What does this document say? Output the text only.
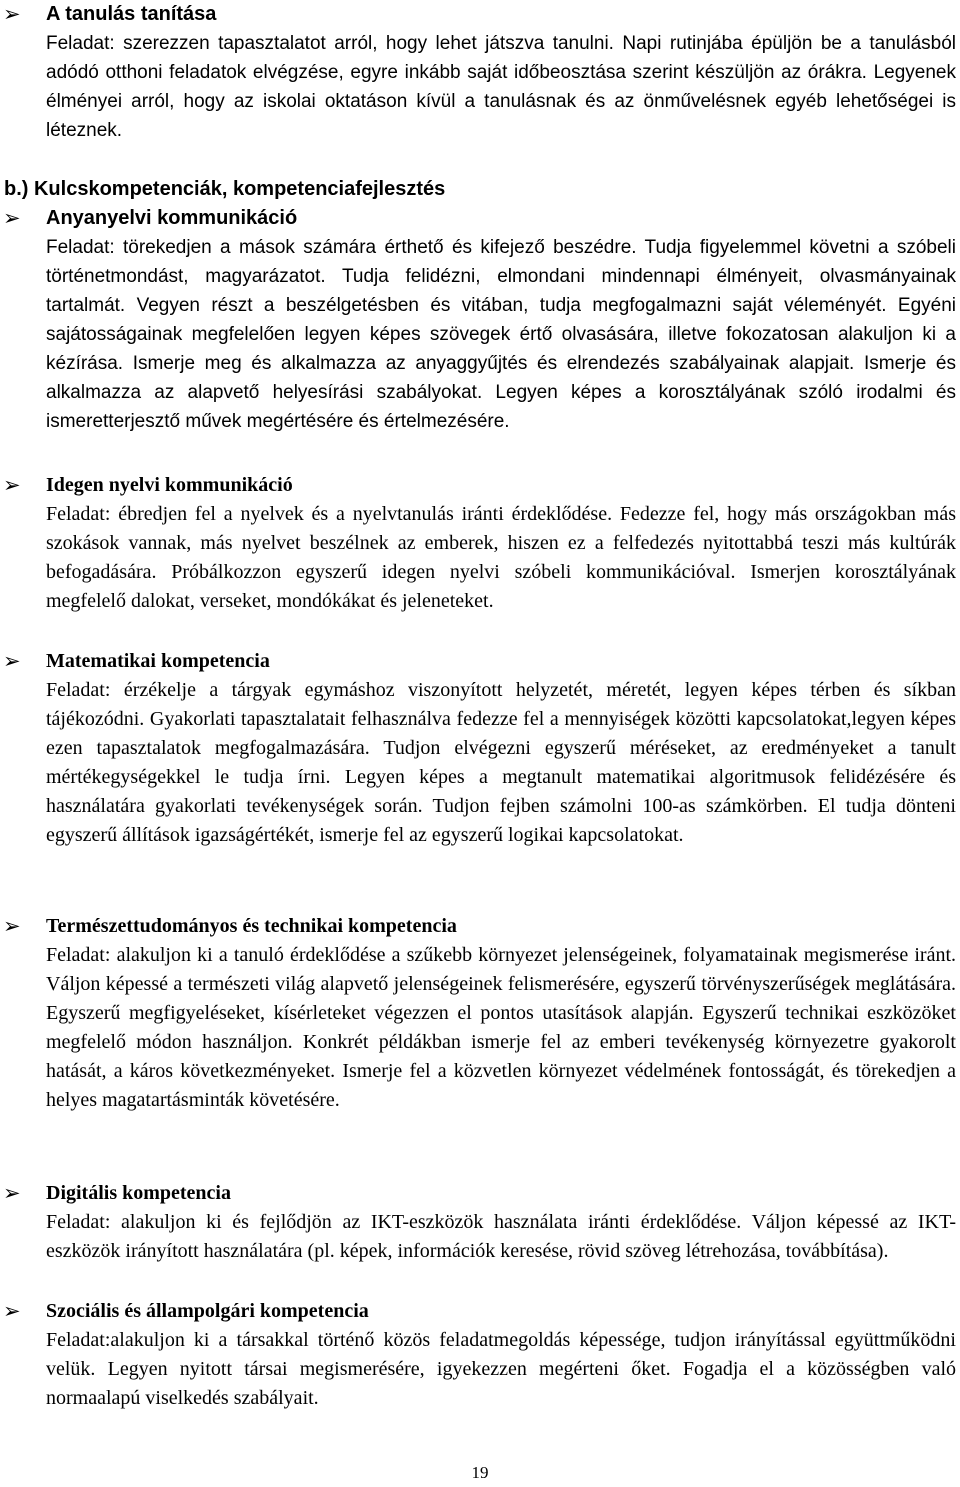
➢ A tanulás tanítása

Feladat: szerezzen tapasztalatot arról, hogy lehet játszva tanulni. Napi rutinjába épüljön be a tanulásból adódó otthoni feladatok elvégzése, egyre inkább saját időbeosztása szerint készüljön az órákra. Legyenek élményei arról, hogy az iskolai oktatáson kívül a tanulásnak és az önművelésnek egyéb lehetőségei is léteznek.

b.) Kulcskompetenciák, kompetenciafejlesztés
➢ Anyanyelvi kommunikáció

Feladat: törekedjen a mások számára érthető és kifejező beszédre. Tudja figyelemmel követni a szóbeli történetmondást, magyarázatot. Tudja felidézni, elmondani mindennapi élményeit, olvasmányainak tartalmát. Vegyen részt a beszélgetésben és vitában, tudja megfogalmazni saját véleményét. Egyéni sajátosságainak megfelelően legyen képes szövegek értő olvasására, illetve fokozatosan alakuljon ki a kézírása. Ismerje meg és alkalmazza az anyaggyűjtés és elrendezés szabályainak alapjait. Ismerje és alkalmazza az alapvető helyesírási szabályokat. Legyen képes a korosztályának szóló irodalmi és ismeretterjesztő művek megértésére és értelmezésére.

➢ Idegen nyelvi kommunikáció

Feladat: ébredjen fel a nyelvek és a nyelvtanulás iránti érdeklődése. Fedezze fel, hogy más országokban más szokások vannak, más nyelvet beszélnek az emberek, hiszen ez a felfedezés nyitottabbá teszi más kultúrák befogadására. Próbálkozzon egyszerű idegen nyelvi szóbeli kommunikációval. Ismerjen korosztályának megfelelő dalokat, verseket, mondókákat és jeleneteket.

➢ Matematikai kompetencia

Feladat: érzékelje a tárgyak egymáshoz viszonyított helyzetét, méretét, legyen képes térben és síkban tájékozódni. Gyakorlati tapasztalatait felhasználva fedezze fel a mennyiségek közötti kapcsolatokat,legyen képes ezen tapasztalatok megfogalmazására. Tudjon elvégezni egyszerű méréseket, az eredményeket a tanult mértékegységekkel le tudja írni. Legyen képes a megtanult matematikai algoritmusok felidézésére és használatára gyakorlati tevékenységek során. Tudjon fejben számolni 100-as számkörben. El tudja dönteni egyszerű állítások igazságértékét, ismerje fel az egyszerű logikai kapcsolatokat.

➢ Természettudományos és technikai kompetencia

Feladat: alakuljon ki a tanuló érdeklődése a szűkebb környezet jelenségeinek, folyamatainak megismerése iránt. Váljon képessé a természeti világ alapvető jelenségeinek felismerésére, egyszerű törvényszerűségek meglátására. Egyszerű megfigyeléseket, kísérleteket végezzen el pontos utasítások alapján. Egyszerű technikai eszközöket megfelelő módon használjon. Konkrét példákban ismerje fel az emberi tevékenység környezetre gyakorolt hatását, a káros következményeket. Ismerje fel a közvetlen környezet védelmének fontosságát, és törekedjen a helyes magatartásminták követésére.

➢ Digitális kompetencia

Feladat: alakuljon ki és fejlődjön az IKT-eszközök használata iránti érdeklődése. Váljon képessé az IKT-eszközök irányított használatára (pl. képek, információk keresése, rövid szöveg létrehozása, továbbítása).

➢ Szociális és állampolgári kompetencia

Feladat:alakuljon ki a társakkal történő közös feladatmegoldás képessége, tudjon irányítással együttműködni velük. Legyen nyitott társai megismerésére, igyekezzen megérteni őket. Fogadja el a közösségben való normaalapú viselkedés szabályait.

19
